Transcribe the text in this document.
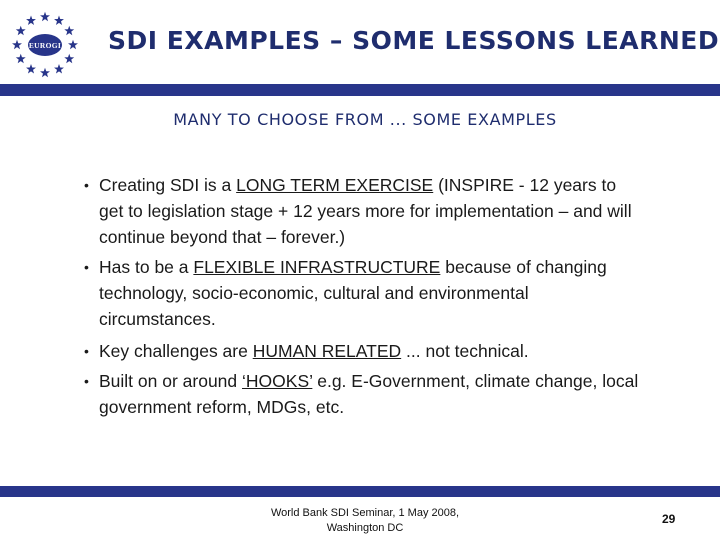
EUROGI SDI EXAMPLES – SOME LESSONS LEARNED
MANY TO CHOOSE FROM ... SOME EXAMPLES
• Creating SDI is a LONG TERM EXERCISE (INSPIRE - 12 years to get to legislation stage + 12 years more for implementation – and will continue beyond that – forever.)
• Has to be a FLEXIBLE INFRASTRUCTURE because of changing technology, socio-economic, cultural and environmental circumstances.
• Key challenges are HUMAN RELATED ... not technical.
• Built on or around ‘HOOKS’ e.g. E-Government, climate change, local government reform, MDGs, etc.
World Bank SDI Seminar, 1 May 2008,
Washington DC
29
